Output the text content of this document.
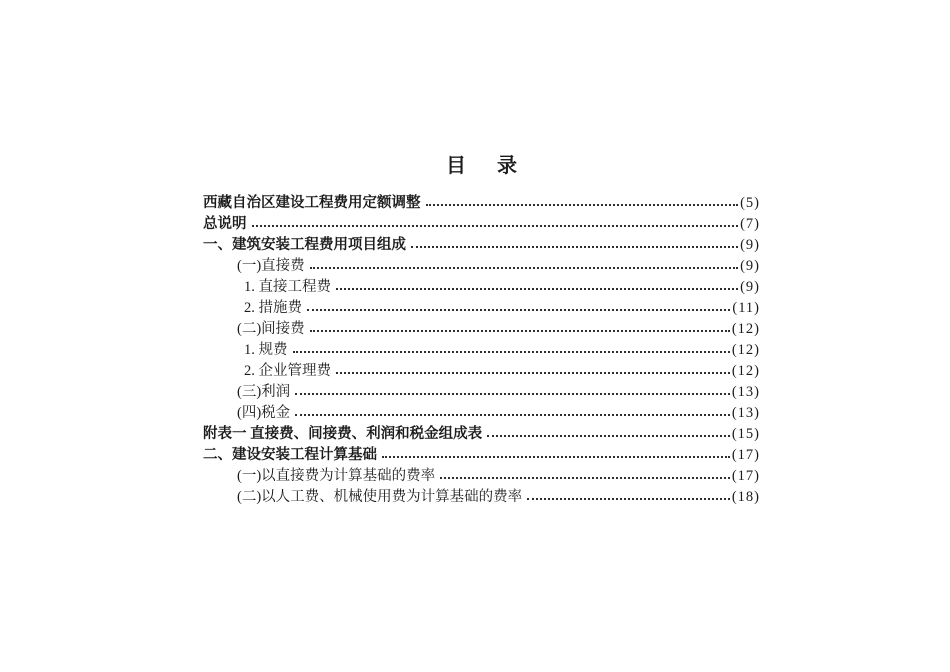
目 录
西藏自治区建设工程费用定额调整	(5)
总说明	(7)
一、建筑安装工程费用项目组成	(9)
(一)直接费	(9)
1. 直接工程费	(9)
2. 措施费	(11)
(二)间接费	(12)
1. 规费	(12)
2. 企业管理费	(12)
(三)利润	(13)
(四)税金	(13)
附表一 直接费、间接费、利润和税金组成表	(15)
二、建设安装工程计算基础	(17)
(一)以直接费为计算基础的费率	(17)
(二)以人工费、机械使用费为计算基础的费率	(18)
